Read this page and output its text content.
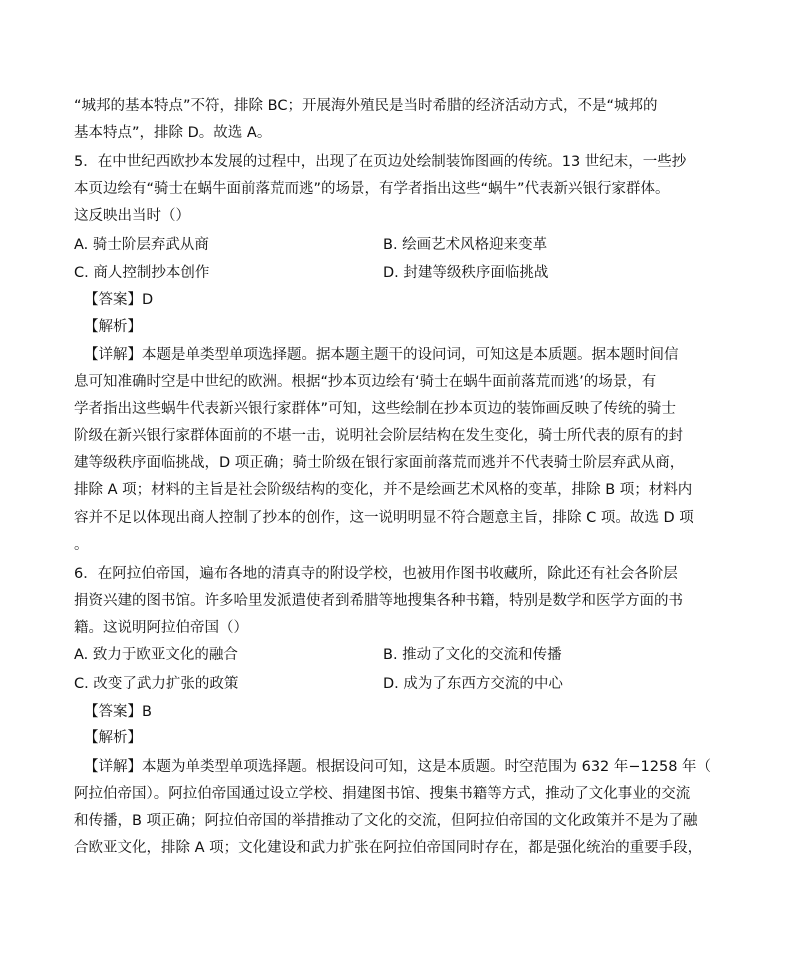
“城邦的基本特点”不符，排除 BC；开展海外殖民是当时希腊的经济活动方式，不是“城邦的
基本特点”，排除 D。故选 A。
5．在中世纪西欧抄本发展的过程中，出现了在页边处绘制装饰图画的传统。13 世纪末，一些抄
本页边绘有“骑士在蜗牛面前落荒而逃”的场景，有学者指出这些“蜗牛”代表新兴银行家群体。
这反映出当时（）
A. 骑士阶层弃武从商	B. 绘画艺术风格迎来变革
C. 商人控制抄本创作	D. 封建等级秩序面临挑战
【答案】D
【解析】
【详解】本题是单类型单项选择题。据本题主题干的设问词，可知这是本质题。据本题时间信
息可知准确时空是中世纪的欧洲。根据“抄本页边绘有‘骑士在蜗牛面前落荒而逃’的场景，有
学者指出这些蜗牛代表新兴银行家群体”可知，这些绘制在抄本页边的装饰画反映了传统的骑士
阶级在新兴银行家群体面前的不堪一击，说明社会阶层结构在发生变化，骑士所代表的原有的封
建等级秩序面临挑战，D 项正确；骑士阶级在银行家面前落荒而逃并不代表骑士阶层弃武从商，
排除 A 项；材料的主旨是社会阶级结构的变化，并不是绘画艺术风格的变革，排除 B 项；材料内
容并不足以体现出商人控制了抄本的创作，这一说明明显不符合题意主旨，排除 C 项。故选 D 项
。
6．在阿拉伯帝国，遍布各地的清真寺的附设学校，也被用作图书收藏所，除此还有社会各阶层
捐资兴建的图书馆。许多哈里发派遣使者到希腊等地搜集各种书籍，特别是数学和医学方面的书
籍。这说明阿拉伯帝国（）
A. 致力于欧亚文化的融合	B. 推动了文化的交流和传播
C. 改变了武力扩张的政策	D. 成为了东西方交流的中心
【答案】B
【解析】
【详解】本题为单类型单项选择题。根据设问可知，这是本质题。时空范围为 632 年−1258 年（
阿拉伯帝国）。阿拉伯帝国通过设立学校、捐建图书馆、搜集书籍等方式，推动了文化事业的交流
和传播，B 项正确；阿拉伯帝国的举措推动了文化的交流，但阿拉伯帝国的文化政策并不是为了融
合欧亚文化，排除 A 项；文化建设和武力扩张在阿拉伯帝国同时存在，都是强化统治的重要手段，
